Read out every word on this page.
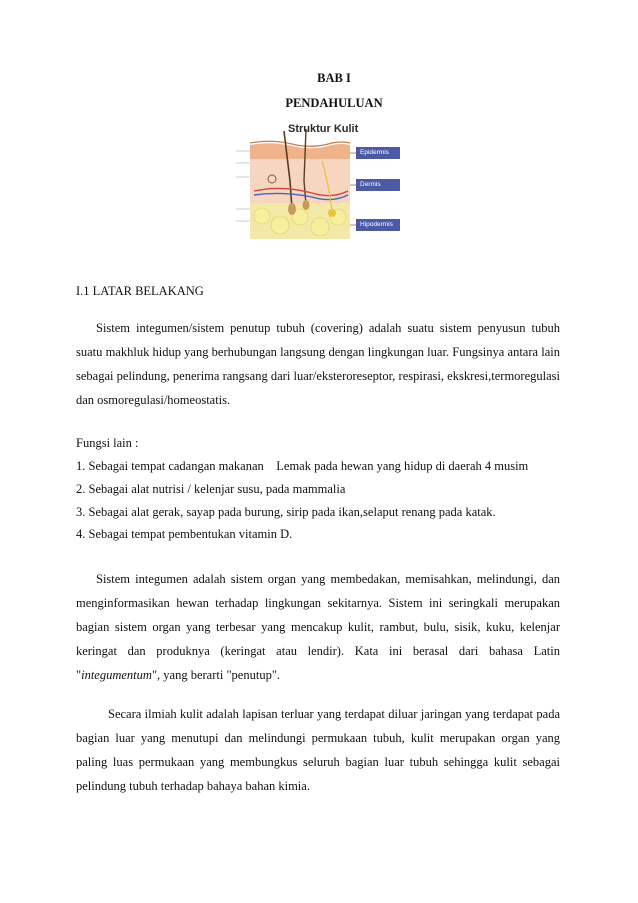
BAB I
PENDAHULUAN
Struktur Kulit
Epidermis
Dermis
Hipodermis
I.1 LATAR BELAKANG

Sistem integumen/sistem penutup tubuh (covering) adalah suatu sistem penyusun tubuh suatu makhluk hidup yang berhubungan langsung dengan lingkungan luar. Fungsinya antara lain sebagai pelindung, penerima rangsang dari luar/eksteroreseptor, respirasi, ekskresi,termoregulasi dan osmoregulasi/homeostatis.

Fungsi lain :
1. Sebagai tempat cadangan makanan    Lemak pada hewan yang hidup di daerah 4 musim
2. Sebagai alat nutrisi / kelenjar susu, pada mammalia
3. Sebagai alat gerak, sayap pada burung, sirip pada ikan,selaput renang pada katak.
4. Sebagai tempat pembentukan vitamin D.

Sistem integumen adalah sistem organ yang membedakan, memisahkan, melindungi, dan menginformasikan hewan terhadap lingkungan sekitarnya. Sistem ini seringkali merupakan bagian sistem organ yang terbesar yang mencakup kulit, rambut, bulu, sisik, kuku, kelenjar keringat dan produknya (keringat atau lendir). Kata ini berasal dari bahasa Latin "integumentum", yang berarti "penutup".

Secara ilmiah kulit adalah lapisan terluar yang terdapat diluar jaringan yang terdapat pada bagian luar yang menutupi dan melindungi permukaan tubuh, kulit merupakan organ yang paling luas permukaan yang membungkus seluruh bagian luar tubuh sehingga kulit sebagai pelindung tubuh terhadap bahaya bahan kimia.
